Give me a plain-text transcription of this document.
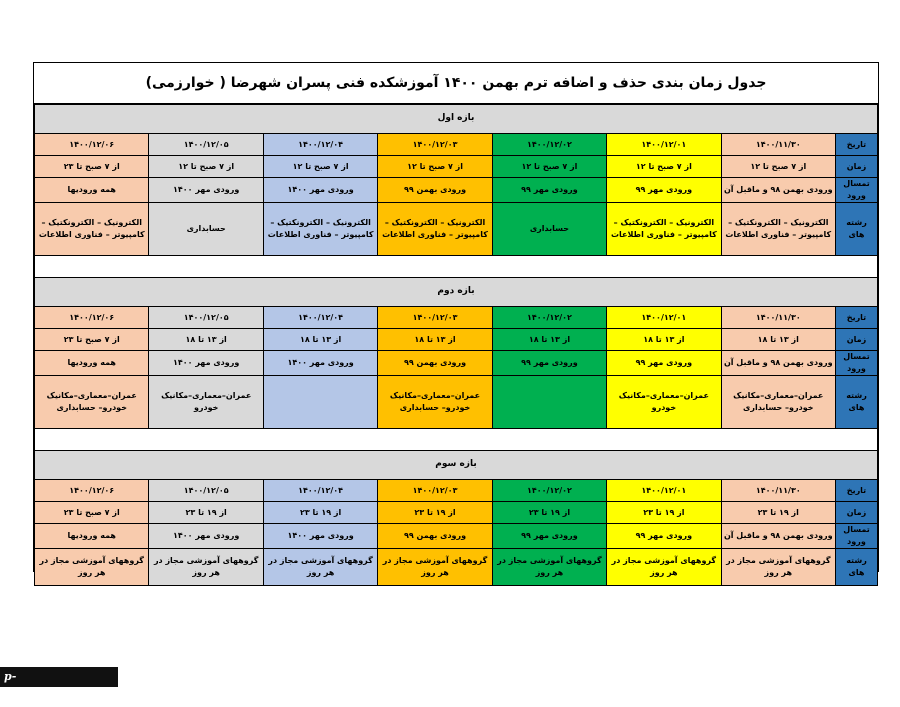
جدول زمان بندی حذف و اضافه ترم بهمن ۱۴۰۰ آموزشکده فنی پسران شهرضا ( خوارزمی)
بازه اول							
تاریخ	۱۴۰۰/۱۱/۳۰	۱۴۰۰/۱۲/۰۱	۱۴۰۰/۱۲/۰۲	۱۴۰۰/۱۲/۰۳	۱۴۰۰/۱۲/۰۴	۱۴۰۰/۱۲/۰۵	۱۴۰۰/۱۲/۰۶
زمان	از ۷ صبح تا ۱۲	از ۷ صبح تا ۱۲	از ۷ صبح تا ۱۲	از ۷ صبح تا ۱۲	از ۷ صبح تا ۱۲	از ۷ صبح تا ۱۲	از ۷ صبح تا ۲۳
تمسال ورود	ورودی بهمن ۹۸ و ماقبل آن	ورودی مهر ۹۹	ورودی مهر ۹۹	ورودی بهمن ۹۹	ورودی مهر ۱۴۰۰	ورودی مهر ۱۴۰۰	همه ورودیها
رشته های	الکترونیک – الکترونکتیک – کامپیوتر – فناوری اطلاعات	الکترونیک – الکترونکتیک – کامپیوتر – فناوری اطلاعات	حسابداری	الکترونیک – الکترونکتیک – کامپیوتر – فناوری اطلاعات	الکترونیک – الکترونکتیک – کامپیوتر – فناوری اطلاعات	حسابداری	الکترونیک – الکترونکتیک – کامپیوتر – فناوری اطلاعات

بازه دوم							
تاریخ	۱۴۰۰/۱۱/۳۰	۱۴۰۰/۱۲/۰۱	۱۴۰۰/۱۲/۰۲	۱۴۰۰/۱۲/۰۳	۱۴۰۰/۱۲/۰۴	۱۴۰۰/۱۲/۰۵	۱۴۰۰/۱۲/۰۶
زمان	از ۱۳ تا ۱۸	از ۱۳ تا ۱۸	از ۱۳ تا ۱۸	از ۱۳ تا ۱۸	از ۱۳ تا ۱۸	از ۱۳ تا ۱۸	از ۷ صبح تا ۲۳
تمسال ورود	ورودی بهمن ۹۸ و ماقبل آن	ورودی مهر ۹۹	ورودی مهر ۹۹	ورودی بهمن ۹۹	ورودی مهر ۱۴۰۰	ورودی مهر ۱۴۰۰	همه ورودیها
رشته های	عمران–معماری–مکانیک خودرو– حسابداری	عمران–معماری–مکانیک خودرو		عمران–معماری–مکانیک خودرو– حسابداری		عمران–معماری–مکانیک خودرو	عمران–معماری–مکانیک خودرو– حسابداری

بازه سوم							
تاریخ	۱۴۰۰/۱۱/۳۰	۱۴۰۰/۱۲/۰۱	۱۴۰۰/۱۲/۰۲	۱۴۰۰/۱۲/۰۳	۱۴۰۰/۱۲/۰۴	۱۴۰۰/۱۲/۰۵	۱۴۰۰/۱۲/۰۶
زمان	از ۱۹ تا ۲۳	از ۱۹ تا ۲۳	از ۱۹ تا ۲۳	از ۱۹ تا ۲۳	از ۱۹ تا ۲۳	از ۱۹ تا ۲۳	از ۷ صبح تا ۲۳
تمسال ورود	ورودی بهمن ۹۸ و ماقبل آن	ورودی مهر ۹۹	ورودی مهر ۹۹	ورودی بهمن ۹۹	ورودی مهر ۱۴۰۰	ورودی مهر ۱۴۰۰	همه ورودیها
رشته های	گروههای آموزشی مجاز در هر روز	گروههای آموزشی مجاز در هر روز	گروههای آموزشی مجاز در هر روز	گروههای آموزشی مجاز در هر روز	گروههای آموزشی مجاز در هر روز	گروههای آموزشی مجاز در هر روز	گروههای آموزشی مجاز در هر روز
p-shahreza.tvu.ac.ir
